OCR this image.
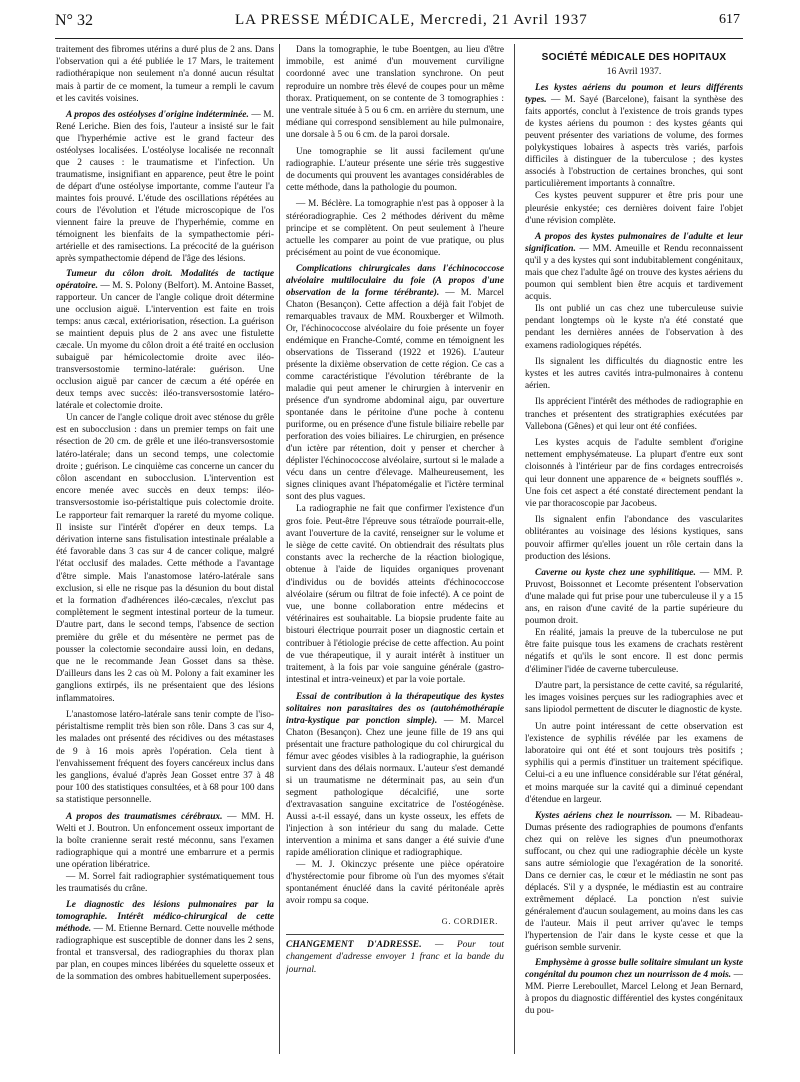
N° 32	LA PRESSE MÉDICALE, Mercredi, 21 Avril 1937	617

traitement des fibromes utérins a duré plus de 2 ans. Dans l'observation qui a été publiée le 17 Mars, le traitement radiothérapique non seulement n'a donné aucun résultat mais à partir de ce moment, la tumeur a rempli le cavum et les cavités voisines.

A propos des ostéolyses d'origine indéterminée. — M. René Leriche. Bien des fois, l'auteur a insisté sur le fait que l'hyperhémie active est le grand facteur des ostéolyses localisées. L'ostéolyse localisée ne reconnaît que 2 causes : le traumatisme et l'infection. Un traumatisme, insignifiant en apparence, peut être le point de départ d'une ostéolyse importante, comme l'auteur l'a maintes fois prouvé. L'étude des oscillations répétées au cours de l'évolution et l'étude microscopique de l'os viennent faire la preuve de l'hyperhémie, comme en témoignent les bienfaits de la sympathectomie péri-artérielle et des ramisections. La précocité de la guérison après sympathectomie dépend de l'âge des lésions.
Tumeur du côlon droit. Modalités de tactique opératoire. — M. S. Polony (Belfort). M. Antoine Basset, rapporteur. Un cancer de l'angle colique droit détermine une occlusion aiguë. L'intervention est faite en trois temps: anus cæcal, extériorisation, résection. La guérison se maintient depuis plus de 2 ans avec une fistulette cæcale. Un myome du côlon droit a été traité en occlusion subaiguë par hémicolectomie droite avec iléo-transversostomie termino-latérale: guérison. Une occlusion aiguë par cancer de cæcum a été opérée en deux temps avec succès: iléo-transversostomie latéro-latérale et colectomie droite.

Un cancer de l'angle colique droit avec sténose du grêle est en subocclusion : dans un premier temps on fait une résection de 20 cm. de grêle et une iléo-transversostomie latéro-latérale; dans un second temps, une colectomie droite ; guérison. Le cinquième cas concerne un cancer du côlon ascendant en subocclusion. L'intervention est encore menée avec succès en deux temps: iléo-transversostomie iso-péristaltique puis colectomie droite. Le rapporteur fait remarquer la rareté du myome colique. Il insiste sur l'intérêt d'opérer en deux temps. La dérivation interne sans fistulisation intestinale préalable a été favorable dans 3 cas sur 4 de cancer colique, malgré l'état occlusif des malades. Cette méthode a l'avantage d'être simple. Mais l'anastomose latéro-latérale sans exclusion, si elle ne risque pas la désunion du bout distal et la formation d'adhérences iléo-cæcales, n'exclut pas complètement le segment intestinal porteur de la tumeur. D'autre part, dans le second temps, l'absence de section première du grêle et du mésentère ne permet pas de pousser la colectomie secondaire aussi loin, en dedans, que ne le recommande Jean Gosset dans sa thèse. D'ailleurs dans les 2 cas où M. Polony a fait examiner les ganglions extirpés, ils ne présentaient que des lésions inflammatoires.

L'anastomose latéro-latérale sans tenir compte de l'iso-péristaltisme remplit très bien son rôle. Dans 3 cas sur 4, les malades ont présenté des récidives ou des métastases de 9 à 16 mois après l'opération. Cela tient à l'envahissement fréquent des foyers cancéreux inclus dans les ganglions, évalué d'après Jean Gosset entre 37 à 48 pour 100 des statistiques consultées, et à 68 pour 100 dans sa statistique personnelle.

A propos des traumatismes cérébraux. — MM. H. Welti et J. Boutron. Un enfoncement osseux important de la boîte cranienne serait resté méconnu, sans l'examen radiographique qui a montré une embarrure et a permis une opération libératrice.

— M. Sorrel fait radiographier systématiquement tous les traumatisés du crâne.

Le diagnostic des lésions pulmonaires par la tomographie. Intérêt médico-chirurgical de cette méthode. — M. Etienne Bernard. Cette nouvelle méthode radiographique est susceptible de donner dans les 2 sens, frontal et transversal, des radiographies du thorax plan par plan, en coupes minces libérées du squelette osseux et de la sommation des ombres habituellement superposées.

Dans la tomographie, le tube Boentgen, au lieu d'être immobile, est animé d'un mouvement curviligne coordonné avec une translation synchrone. On peut reproduire un nombre très élevé de coupes pour un même thorax. Pratiquement, on se contente de 3 tomographies : une ventrale située à 5 ou 6 cm. en arrière du sternum, une médiane qui correspond sensiblement au hile pulmonaire, une dorsale à 5 ou 6 cm. de la paroi dorsale.

Une tomographie se lit aussi facilement qu'une radiographie. L'auteur présente une série très suggestive de documents qui prouvent les avantages considérables de cette méthode, dans la pathologie du poumon.

— M. Béclère. La tomographie n'est pas à opposer à la stéréoradiographie. Ces 2 méthodes dérivent du même principe et se complètent. On peut seulement à l'heure actuelle les comparer au point de vue pratique, ou plus précisément au point de vue économique.

Complications chirurgicales dans l'échinococcose alvéolaire multiloculaire du foie (A propos d'une observation de la forme térébrante). — M. Marcel Chaton (Besançon). Cette affection a déjà fait l'objet de remarquables travaux de MM. Rouxberger et Wilmoth. Or, l'échinococcose alvéolaire du foie présente un foyer endémique en Franche-Comté, comme en témoignent les observations de Tisserand (1922 et 1926). L'auteur présente la dixième observation de cette région. Ce cas a comme caractéristique l'évolution térébrante de la maladie qui peut amener le chirurgien à intervenir en présence d'un syndrome abdominal aigu, par ouverture spontanée dans le péritoine d'une poche à contenu puriforme, ou en présence d'une fistule biliaire rebelle par perforation des voies biliaires. Le chirurgien, en présence d'un ictère par rétention, doit y penser et chercher à déplister l'échinococcose alvéolaire, surtout si le malade a vécu dans un centre d'élevage. Malheureusement, les signes cliniques avant l'hépatomégalie et l'ictère terminal sont des plus vagues.

La radiographie ne fait que confirmer l'existence d'un gros foie. Peut-être l'épreuve sous tétraïode pourrait-elle, avant l'ouverture de la cavité, renseigner sur le volume et le siège de cette cavité. On obtiendrait des résultats plus constants avec la recherche de la réaction biologique, obtenue à l'aide de liquides organiques provenant d'individus ou de bovidés atteints d'échinococcose alvéolaire (sérum ou filtrat de foie infecté). A ce point de vue, une bonne collaboration entre médecins et vétérinaires est souhaitable. La biopsie prudente faite au bistouri électrique pourrait poser un diagnostic certain et contribuer à l'étiologie précise de cette affection. Au point de vue thérapeutique, il y aurait intérêt à instituer un traitement, à la fois par voie sanguine générale (gastro-intestinal et intra-veineux) et par la voie portale.

Essai de contribution à la thérapeutique des kystes solitaires non parasitaires des os (autohémothérapie intra-kystique par ponction simple). — M. Marcel Chaton (Besançon). Chez une jeune fille de 19 ans qui présentait une fracture pathologique du col chirurgical du fémur avec géodes visibles à la radiographie, la guérison survient dans des délais normaux. L'auteur s'est demandé si un traumatisme ne déterminait pas, au sein d'un segment pathologique décalcifié, une sorte d'extravasation sanguine excitatrice de l'ostéogénèse. Aussi a-t-il essayé, dans un kyste osseux, les effets de l'injection à son intérieur du sang du malade. Cette intervention a minima et sans danger a été suivie d'une rapide amélioration clinique et radiographique.

— M. J. Okinczyc présente une pièce opératoire d'hystérectomie pour fibrome où l'un des myomes s'était spontanément énucléé dans la cavité péritonéale après avoir rompu sa coque.

G. CORDIER.
CHANGEMENT D'ADRESSE. — Pour tout changement d'adresse envoyer 1 franc et la bande du journal.
SOCIÉTÉ MÉDICALE DES HOPITAUX
16 Avril 1937.
Les kystes aériens du poumon et leurs différents types. — M. Sayé (Barcelone), faisant la synthèse des faits apportés, conclut à l'existence de trois grands types de kystes aériens du poumon : des kystes géants qui peuvent présenter des variations de volume, des formes polykystiques lobaires à aspects très variés, parfois difficiles à distinguer de la tuberculose ; des kystes associés à l'obstruction de certaines bronches, qui sont particulièrement importants à connaître.

Ces kystes peuvent suppurer et être pris pour une pleurésie enkystée; ces dernières doivent faire l'objet d'une révision complète.

A propos des kystes pulmonaires de l'adulte et leur signification. — MM. Ameuille et Rendu reconnaissent qu'il y a des kystes qui sont indubitablement congénitaux, mais que chez l'adulte âgé on trouve des kystes aériens du poumon qui semblent bien être acquis et tardivement acquis.

Ils ont publié un cas chez une tuberculeuse suivie pendant longtemps où le kyste n'a été constaté que pendant les dernières années de l'observation à des examens radiologiques répétés.

Ils signalent les difficultés du diagnostic entre les kystes et les autres cavités intra-pulmonaires à contenu aérien.

Ils apprécient l'intérêt des méthodes de radiographie en tranches et présentent des stratigraphies exécutées par Vallebona (Gênes) et qui leur ont été confiées.

Les kystes acquis de l'adulte semblent d'origine nettement emphysémateuse. La plupart d'entre eux sont cloisonnés à l'intérieur par de fins cordages entrecroisés qui leur donnent une apparence de « beignets soufflés ». Une fois cet aspect a été constaté directement pendant la vie par thoracoscopie par Jacobeus.

Ils signalent enfin l'abondance des vascularites oblitérantes au voisinage des lésions kystiques, sans pouvoir affirmer qu'elles jouent un rôle certain dans la production des lésions.

Caverne ou kyste chez une syphilitique. — MM. P. Pruvost, Boissonnet et Lecomte présentent l'observation d'une malade qui fut prise pour une tuberculeuse il y a 15 ans, en raison d'une cavité de la partie supérieure du poumon droit.

En réalité, jamais la preuve de la tuberculose ne put être faite puisque tous les examens de crachats restèrent négatifs et qu'ils le sont encore. Il est donc permis d'éliminer l'idée de caverne tuberculeuse.

D'autre part, la persistance de cette cavité, sa régularité, les images voisines perçues sur les radiographies avec et sans lipiodol permettent de discuter le diagnostic de kyste.

Un autre point intéressant de cette observation est l'existence de syphilis révélée par les examens de laboratoire qui ont été et sont toujours très positifs ; syphilis qui a permis d'instituer un traitement spécifique. Celui-ci a eu une influence considérable sur l'état général, et moins marquée sur la cavité qui a diminué cependant d'étendue en largeur.

Kystes aériens chez le nourrisson. — M. Ribadeau-Dumas présente des radiographies de poumons d'enfants chez qui on relève les signes d'un pneumothorax suffocant, ou chez qui une radiographie décèle un kyste sans autre sémiologie que l'exagération de la sonorité. Dans ce dernier cas, le cœur et le médiastin ne sont pas déplacés. S'il y a dyspnée, le médiastin est au contraire extrêmement déplacé. La ponction n'est suivie généralement d'aucun soulagement, au moins dans les cas de l'auteur. Mais il peut arriver qu'avec le temps l'hypertension de l'air dans le kyste cesse et que la guérison semble survenir.
Emphysème à grosse bulle solitaire simulant un kyste congénital du poumon chez un nourrisson de 4 mois. — MM. Pierre Lereboullet, Marcel Lelong et Jean Bernard, à propos du diagnostic différentiel des kystes congénitaux du pou-
